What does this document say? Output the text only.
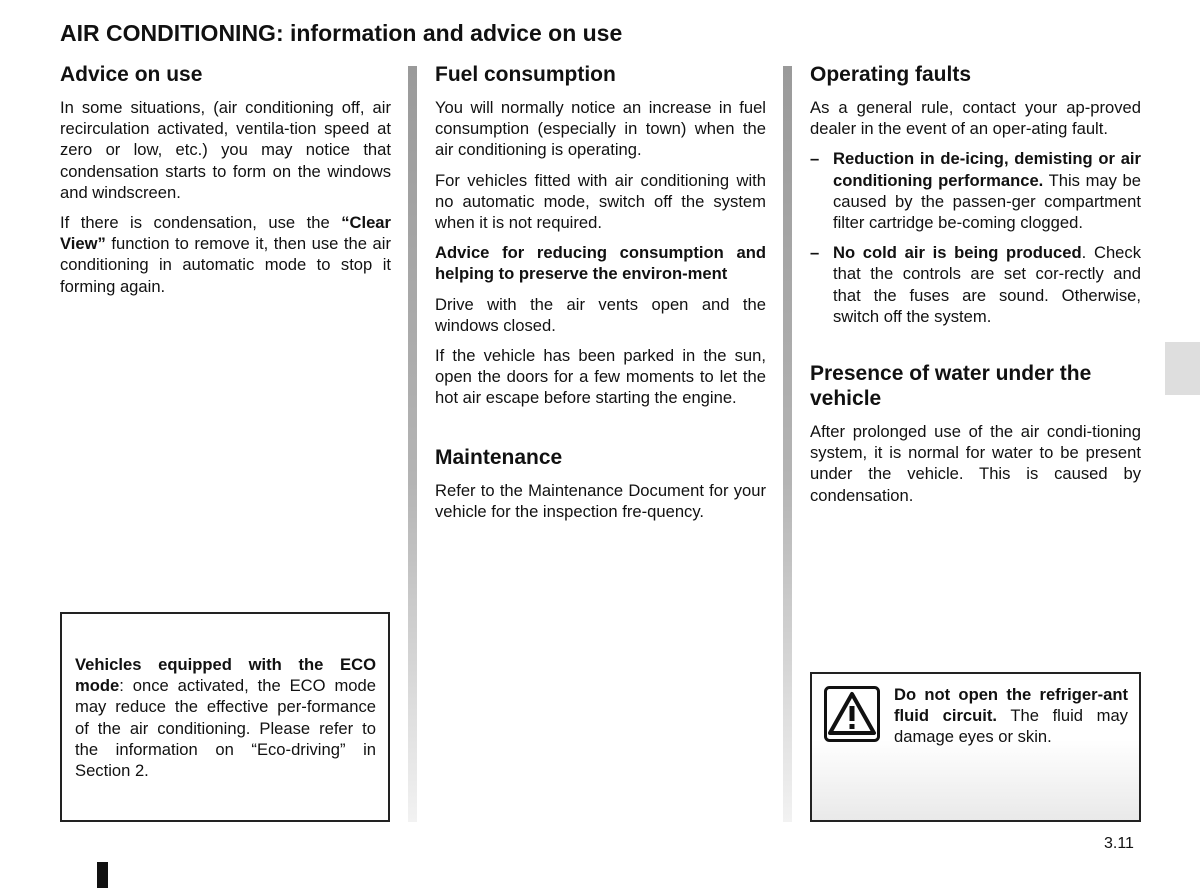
AIR CONDITIONING: information and advice on use
Advice on use

In some situations, (air conditioning off, air recirculation activated, ventila-tion speed at zero or low, etc.) you may notice that condensation starts to form on the windows and windscreen.

If there is condensation, use the “Clear View” function to remove it, then use the air conditioning in automatic mode to stop it forming again.

Fuel consumption

You will normally notice an increase in fuel consumption (especially in town) when the air conditioning is operating.

For vehicles fitted with air conditioning with no automatic mode, switch off the system when it is not required.

Advice for reducing consumption and helping to preserve the environ-ment

Drive with the air vents open and the windows closed.

If the vehicle has been parked in the sun, open the doors for a few moments to let the hot air escape before starting the engine.

Maintenance

Refer to the Maintenance Document for your vehicle for the inspection fre-quency.

Operating faults

As a general rule, contact your ap-proved dealer in the event of an oper-ating fault.

– Reduction in de-icing, demisting or air conditioning performance. This may be caused by the passen-ger compartment filter cartridge be-coming clogged.
– No cold air is being produced. Check that the controls are set cor-rectly and that the fuses are sound. Otherwise, switch off the system.
Presence of water under the vehicle

After prolonged use of the air condi-tioning system, it is normal for water to be present under the vehicle. This is caused by condensation.

Vehicles equipped with the ECO mode: once activated, the ECO mode may reduce the effective per-formance of the air conditioning. Please refer to the information on “Eco-driving” in Section 2.

Do not open the refriger-ant fluid circuit. The fluid may damage eyes or skin.

3.11
